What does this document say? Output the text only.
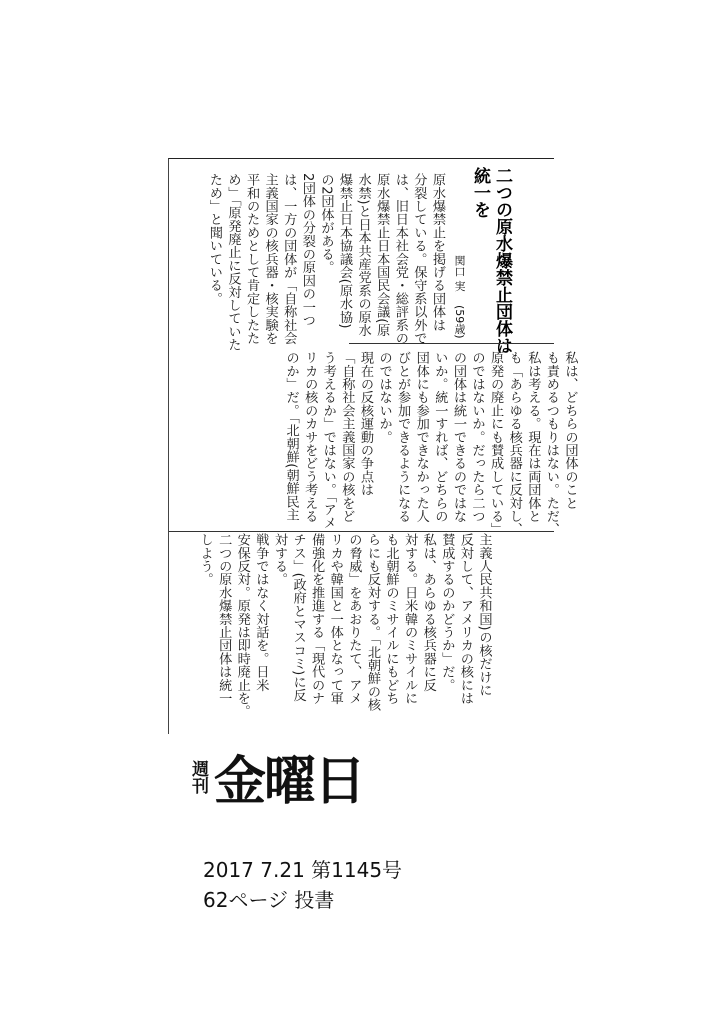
二つの原水爆禁止団体は
統一を
関口 実
(59歳)
原水爆禁止を掲げる団体は
分裂している。保守系以外で
は、旧日本社会党・総評系の
原水爆禁止日本国民会議(原
水禁)と日本共産党系の原水
爆禁止日本協議会(原水協)
の2団体がある。
2団体の分裂の原因の一つ
は、一方の団体が「自称社会
主義国家の核兵器・核実験を
平和のためとして肯定したた
め」「原発廃止に反対していた
ため」と聞いている。
私は、どちらの団体のこと
も責めるつもりはない。ただ、
私は考える。現在は両団体と
も「あらゆる核兵器に反対し、
原発の廃止にも賛成している」
のではないか。だったら二つ
の団体は統一できるのではな
いか。統一すれば、どちらの
団体にも参加できなかった人
びとが参加できるようになる
のではないか。
現在の反核運動の争点は
「自称社会主義国家の核をど
う考えるか」ではない。「アメ
リカの核のカサをどう考える
のか」だ。「北朝鮮(朝鮮民主
主義人民共和国)の核だけに
反対して、アメリカの核には
賛成するのかどうか」だ。
私は、あらゆる核兵器に反
対する。日米韓のミサイルに
も北朝鮮のミサイルにもどち
らにも反対する。「北朝鮮の核
の脅威」をあおりたて、アメ
リカや韓国と一体となって軍
備強化を推進する「現代のナ
チス」(政府とマスコミ)に反
対する。
戦争ではなく対話を。日米
安保反対。原発は即時廃止を。
二つの原水爆禁止団体は統一
しよう。
週刊 金曜日
2017 7.21 第1145号
62ページ 投書
